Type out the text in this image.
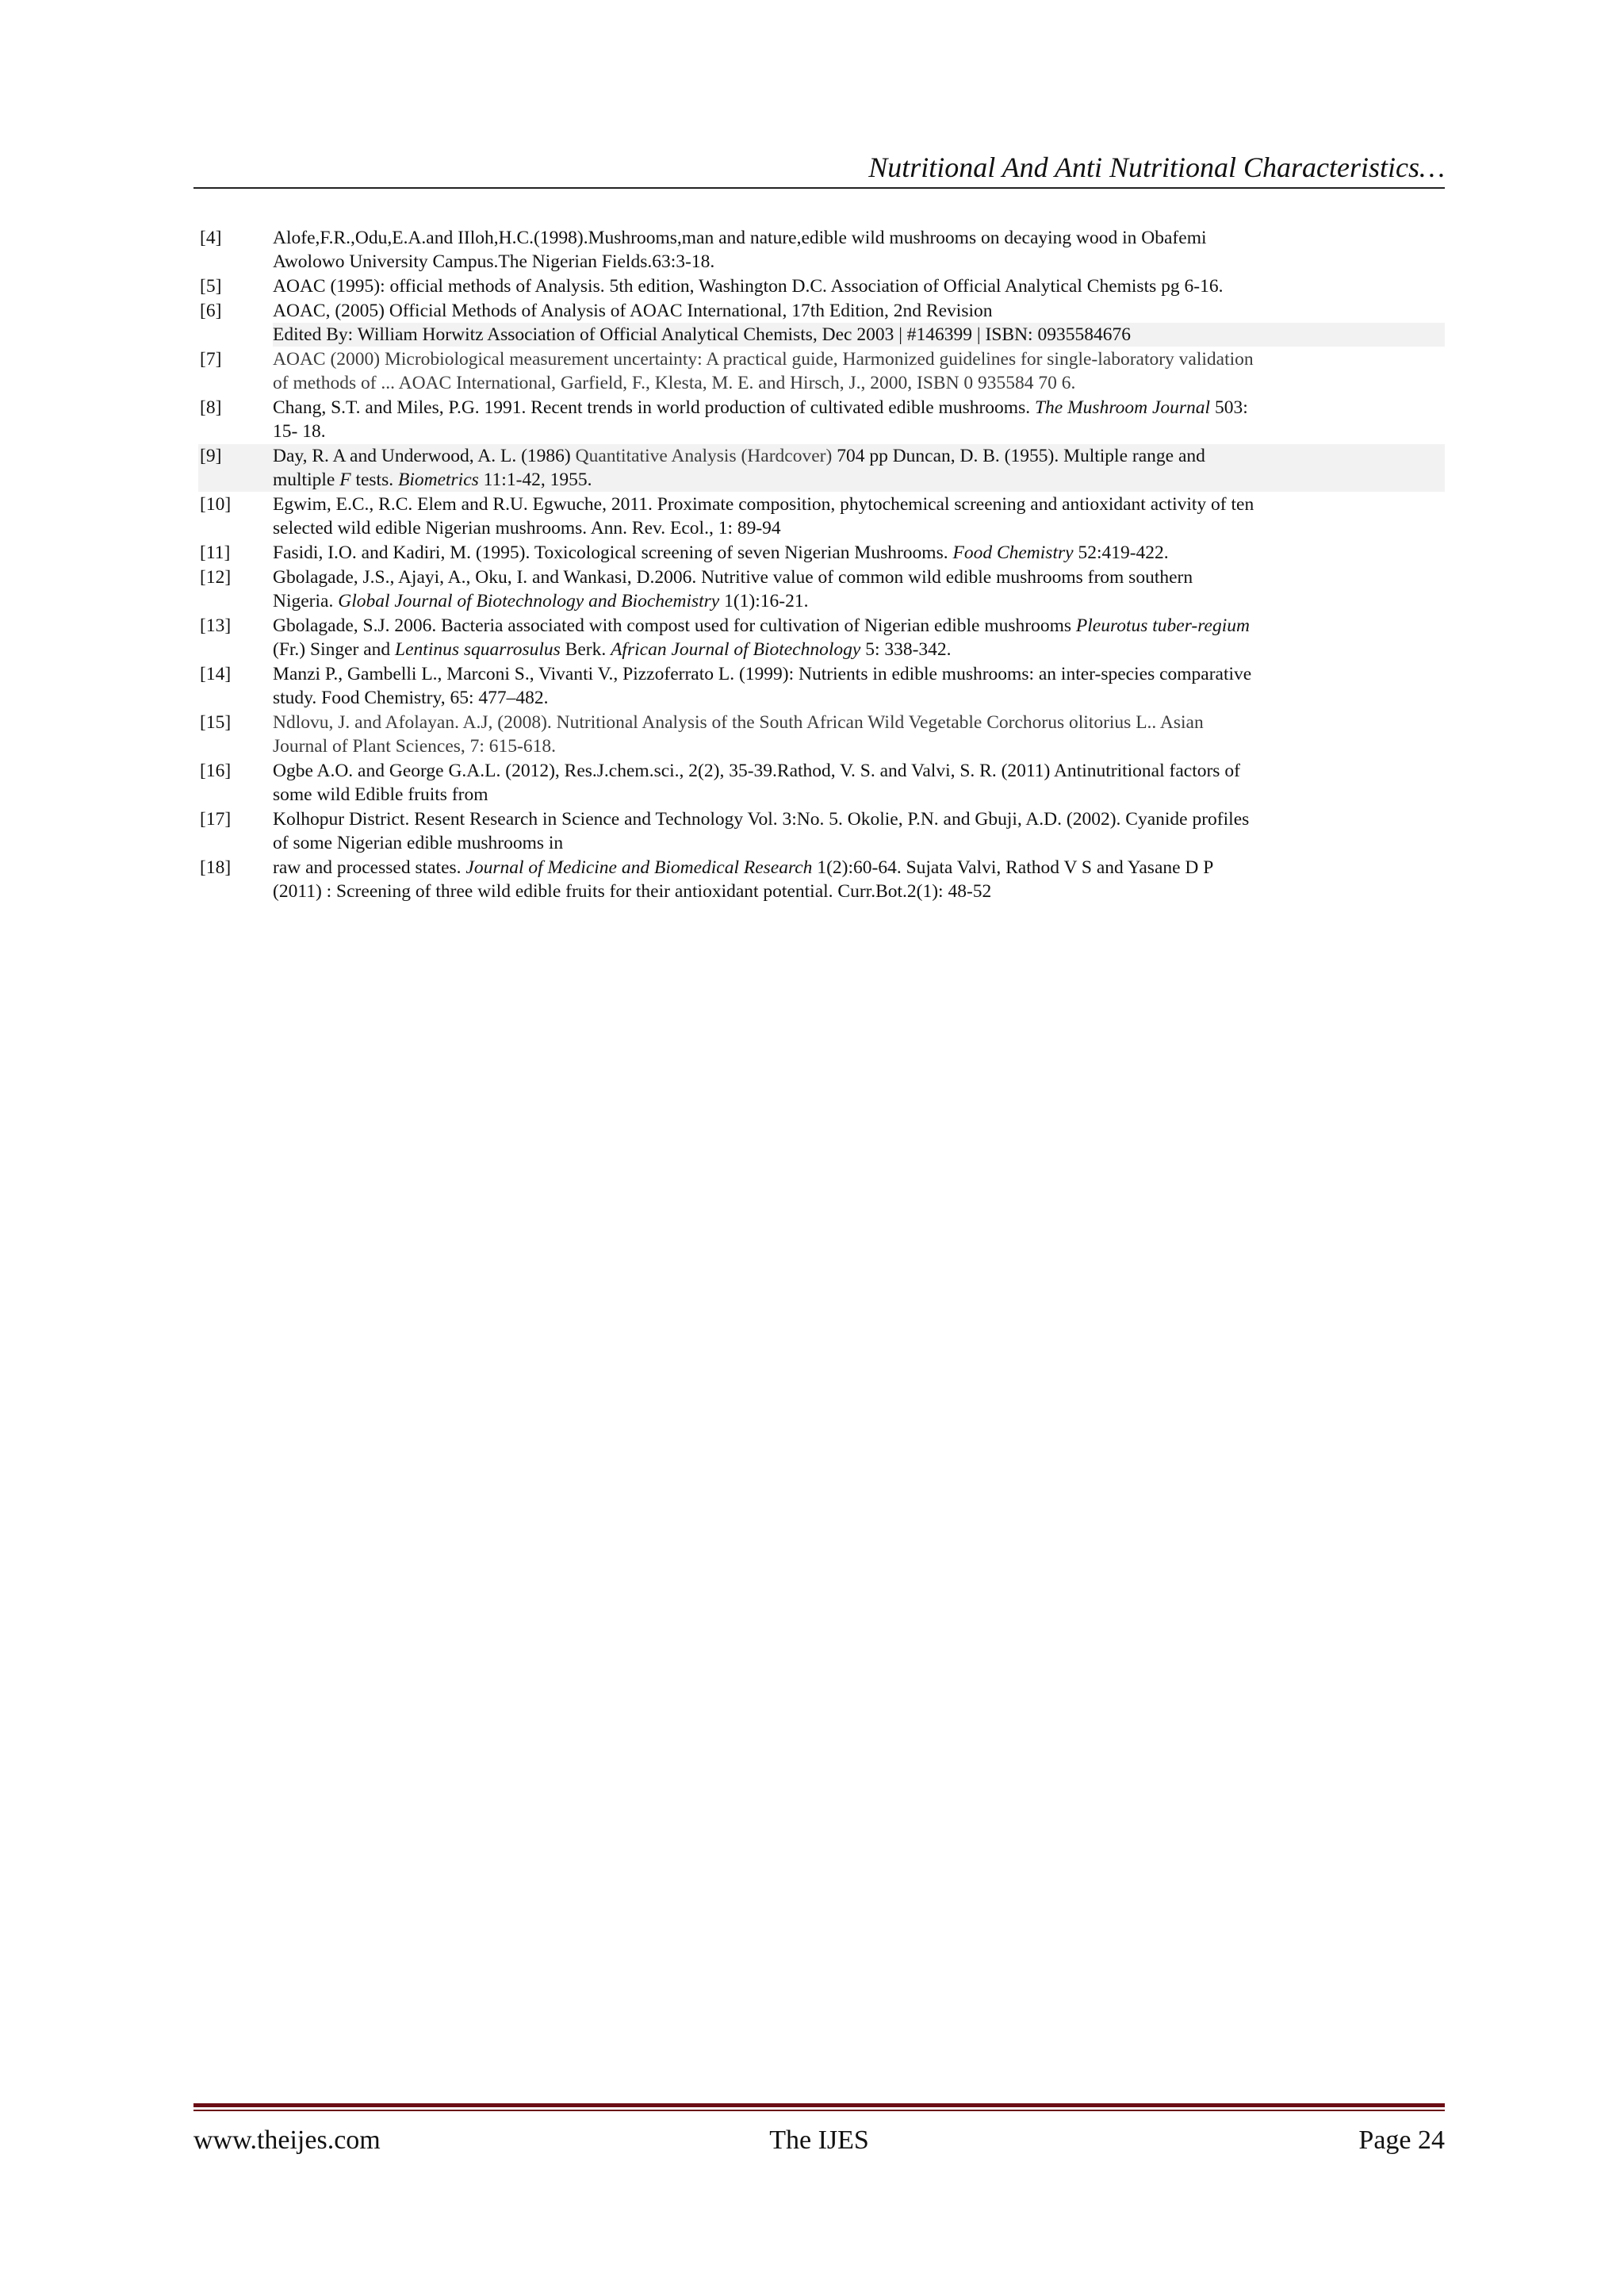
Nutritional And Anti Nutritional Characteristics…
[4]	Alofe,F.R.,Odu,E.A.and IIloh,H.C.(1998).Mushrooms,man and nature,edible wild mushrooms on decaying wood in Obafemi
Awolowo University Campus.The Nigerian Fields.63:3-18.
[5]	AOAC (1995): official methods of Analysis. 5th edition, Washington D.C. Association of Official Analytical Chemists pg 6-16.
[6]	AOAC, (2005) Official Methods of Analysis of AOAC International, 17th Edition, 2nd Revision
Edited By: William Horwitz Association of Official Analytical Chemists, Dec 2003 | #146399 | ISBN: 0935584676
[7]	AOAC (2000) Microbiological measurement uncertainty: A practical guide, Harmonized guidelines for single-laboratory validation
of methods of ... AOAC International, Garfield, F., Klesta, M. E. and Hirsch, J., 2000, ISBN 0 935584 70 6.
[8]	Chang, S.T. and Miles, P.G. 1991. Recent trends in world production of cultivated edible mushrooms. The Mushroom Journal 503:
15- 18.
[9]	Day, R. A and Underwood, A. L. (1986) Quantitative Analysis (Hardcover) 704 pp Duncan, D. B. (1955). Multiple range and
multiple F tests. Biometrics 11:1-42, 1955.
[10]	Egwim, E.C., R.C. Elem and R.U. Egwuche, 2011. Proximate composition, phytochemical screening and antioxidant activity of ten
selected wild edible Nigerian mushrooms. Ann. Rev. Ecol., 1: 89-94
[11]	Fasidi, I.O. and Kadiri, M. (1995). Toxicological screening of seven Nigerian Mushrooms. Food Chemistry 52:419-422.
[12]	Gbolagade, J.S., Ajayi, A., Oku, I. and Wankasi, D.2006. Nutritive value of common wild edible mushrooms from southern
Nigeria. Global Journal of Biotechnology and Biochemistry 1(1):16-21.
[13]	Gbolagade, S.J. 2006. Bacteria associated with compost used for cultivation of Nigerian edible mushrooms Pleurotus tuber-regium
(Fr.) Singer and Lentinus squarrosulus Berk. African Journal of Biotechnology 5: 338-342.
[14]	Manzi P., Gambelli L., Marconi S., Vivanti V., Pizzoferrato L. (1999): Nutrients in edible mushrooms: an inter-species comparative
study. Food Chemistry, 65: 477–482.
[15]	Ndlovu, J. and Afolayan. A.J, (2008). Nutritional Analysis of the South African Wild Vegetable Corchorus olitorius L.. Asian
Journal of Plant Sciences, 7: 615-618.
[16]	Ogbe A.O. and George G.A.L. (2012), Res.J.chem.sci., 2(2), 35-39.Rathod, V. S. and Valvi, S. R. (2011) Antinutritional factors of
some wild Edible fruits from
[17]	Kolhopur District. Resent Research in Science and Technology Vol. 3:No. 5. Okolie, P.N. and Gbuji, A.D. (2002). Cyanide profiles
of some Nigerian edible mushrooms in
[18]	raw and processed states. Journal of Medicine and Biomedical Research 1(2):60-64. Sujata Valvi, Rathod V S and Yasane D P
(2011) : Screening of three wild edible fruits for their antioxidant potential. Curr.Bot.2(1): 48-52
www.theijes.com	The IJES	Page 24
